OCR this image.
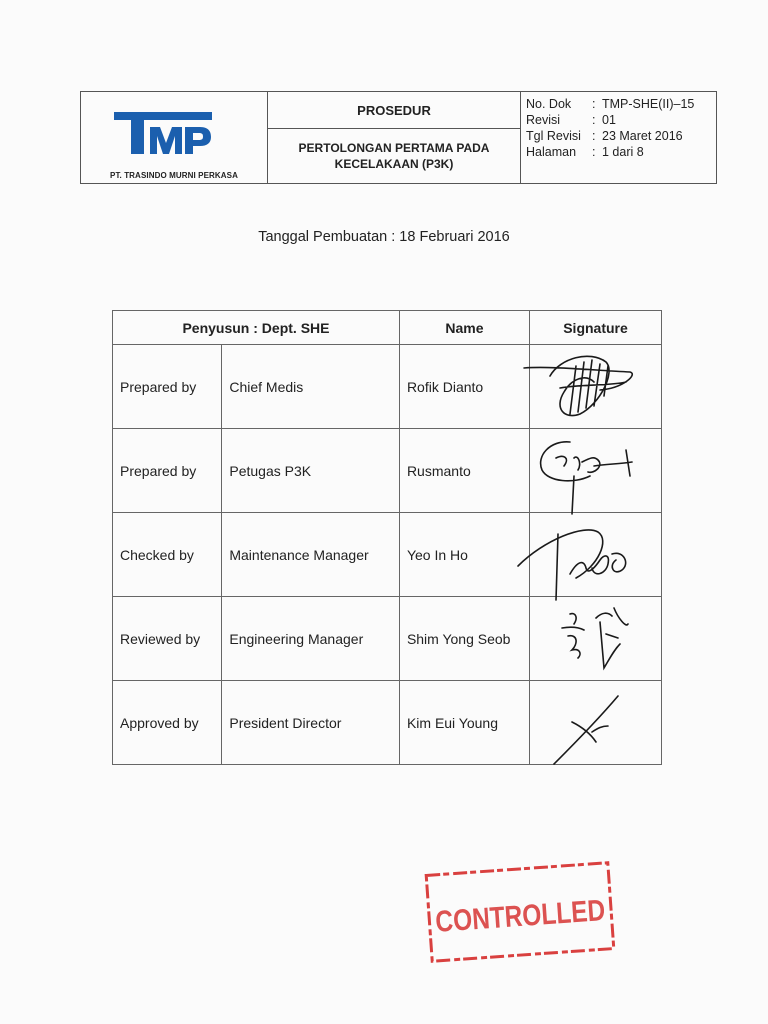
PT. TRASINDO MURNI PERKASA
PROSEDUR
PERTOLONGAN PERTAMA PADA
KECELAKAAN (P3K)
No. Dok	: TMP-SHE(II)–15
Revisi	: 01
Tgl Revisi : 23 Maret 2016
Halaman	: 1 dari 8
Tanggal Pembuatan : 18 Februari 2016
Penyusun : Dept. SHE		Name	Signature
Prepared by	Chief Medis	Rofik Dianto	
Prepared by	Petugas P3K	Rusmanto	
Checked by	Maintenance Manager	Yeo In Ho	
Reviewed by	Engineering Manager	Shim Yong Seob	
Approved by	President Director	Kim Eui Young	
CONTROLLED
